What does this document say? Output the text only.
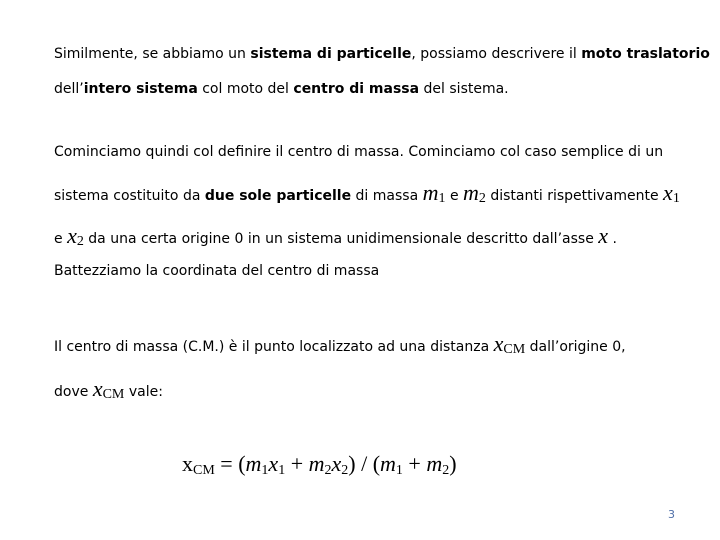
Similmente, se abbiamo un sistema di particelle, possiamo descrivere il moto traslatorio
dell’intero sistema col moto del centro di massa del sistema.
Cominciamo quindi col definire il centro di massa. Cominciamo col caso semplice di un
sistema costituito da due sole particelle di massa m1 e m2 distanti rispettivamente x1
e x2 da una certa origine 0 in un sistema unidimensionale descritto dall’asse x .
Battezziamo la coordinata del centro di massa
Il centro di massa (C.M.) è il punto localizzato ad una distanza xCM dall’origine 0,
dove xCM vale:
xCM = (m1x1 + m2x2) / (m1 + m2)
3
